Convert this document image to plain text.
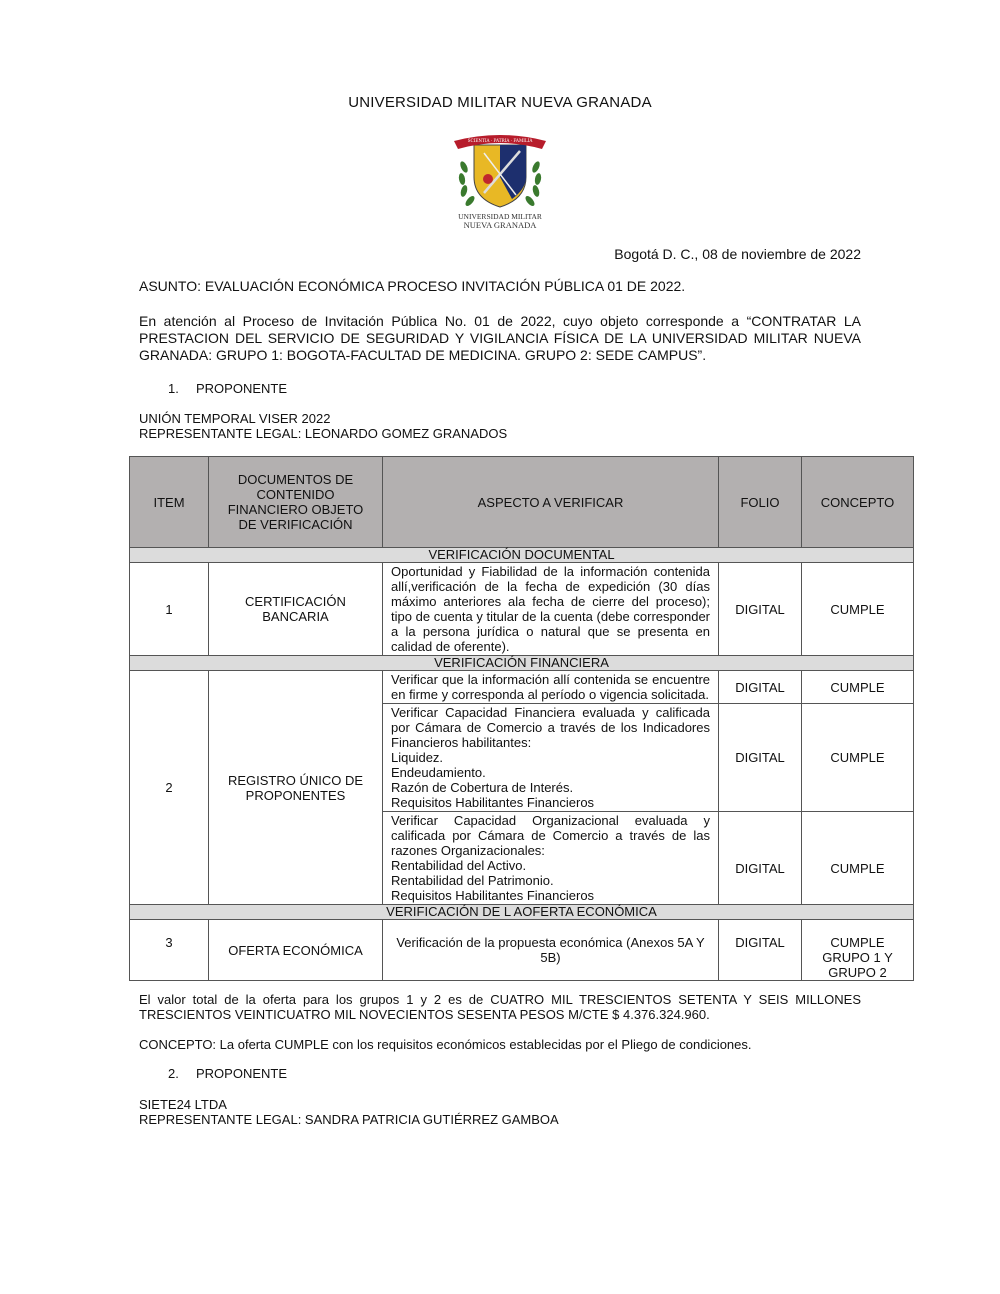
UNIVERSIDAD MILITAR NUEVA GRANADA
SCIENTIA · PATRIA · FAMILIA
UNIVERSIDAD MILITAR
NUEVA GRANADA
Bogotá D. C., 08 de noviembre de 2022
ASUNTO: EVALUACIÓN ECONÓMICA PROCESO INVITACIÓN PÚBLICA 01 DE 2022.
En atención al Proceso de Invitación Pública No. 01 de 2022, cuyo objeto corresponde a “CONTRATAR LA PRESTACION DEL SERVICIO DE SEGURIDAD Y VIGILANCIA FÍSICA DE LA UNIVERSIDAD MILITAR NUEVA GRANADA: GRUPO 1: BOGOTA-FACULTAD DE MEDICINA. GRUPO 2: SEDE CAMPUS”.
1. PROPONENTE
UNIÓN TEMPORAL VISER 2022
REPRESENTANTE LEGAL: LEONARDO GOMEZ GRANADOS
ITEM	DOCUMENTOS DE CONTENIDO FINANCIERO OBJETO DE VERIFICACIÓN	ASPECTO A VERIFICAR	FOLIO	CONCEPTO
VERIFICACIÓN DOCUMENTAL				
1	CERTIFICACIÓN BANCARIA	Oportunidad y Fiabilidad de la información contenida allí,verificación de la fecha de expedición (30 días máximo anteriores ala fecha de cierre del proceso); tipo de cuenta y titular de la cuenta (debe corresponder a la persona jurídica o natural que se presenta en calidad de oferente).	DIGITAL	CUMPLE
VERIFICACIÓN FINANCIERA				
2	REGISTRO ÚNICO DE PROPONENTES	Verificar que la información allí contenida se encuentre en firme y corresponda al período o vigencia solicitada.	DIGITAL	CUMPLE

		Verificar Capacidad Financiera evaluada y calificada por Cámara de Comercio a través de los Indicadores Financieros habilitantes:
Liquidez.
Endeudamiento.
Razón de Cobertura de Interés.
Requisitos Habilitantes Financieros	DIGITAL	CUMPLE

		Verificar Capacidad Organizacional evaluada y calificada por Cámara de Comercio a través de las razones Organizacionales:
Rentabilidad del Activo.
Rentabilidad del Patrimonio.
Requisitos Habilitantes Financieros	DIGITAL	CUMPLE
VERIFICACIÓN DE L AOFERTA ECONÓMICA				
3	OFERTA ECONÓMICA	Verificación de la propuesta económica (Anexos 5A Y 5B)	DIGITAL	CUMPLE
GRUPO 1 Y
GRUPO 2
El valor total de la oferta para los grupos 1 y 2 es de CUATRO MIL TRESCIENTOS SETENTA Y SEIS MILLONES TRESCIENTOS VEINTICUATRO MIL NOVECIENTOS SESENTA PESOS M/CTE $ 4.376.324.960.
CONCEPTO: La oferta CUMPLE con los requisitos económicos establecidas por el Pliego de condiciones.
2. PROPONENTE
SIETE24 LTDA
REPRESENTANTE LEGAL: SANDRA PATRICIA GUTIÉRREZ GAMBOA
